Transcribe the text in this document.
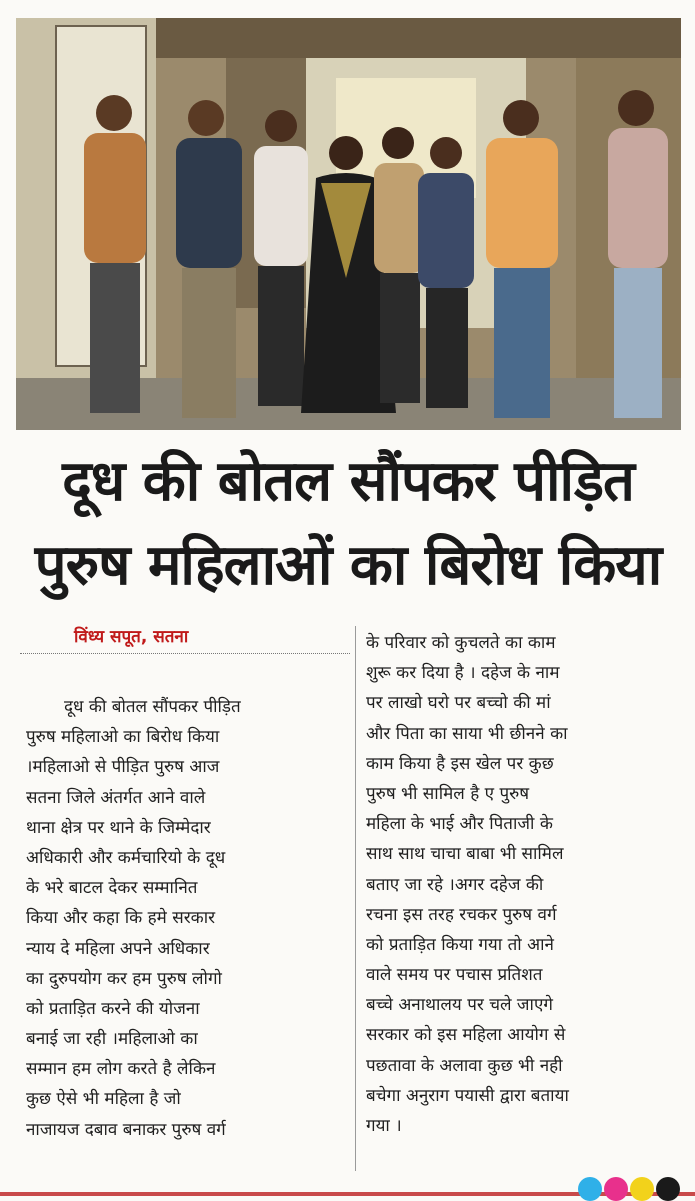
दूध की बोतल सौंपकर पीड़ित
पुरुष महिलाओं का बिरोध किया
विंध्य सपूत, सतना
दूध की बोतल सौंपकर पीड़ित
पुरुष महिलाओ का बिरोध किया
।महिलाओ से पीड़ित पुरुष आज
सतना जिले अंतर्गत आने वाले
थाना क्षेत्र पर थाने के जिम्मेदार
अधिकारी और कर्मचारियो के दूध
के भरे बाटल देकर सम्मानित
किया और कहा कि हमे सरकार
न्याय दे महिला अपने अधिकार
का दुरुपयोग कर हम पुरुष लोगो
को प्रताड़ित करने की योजना
बनाई जा रही ।महिलाओ का
सम्मान हम लोग करते है लेकिन
कुछ ऐसे भी महिला है जो
नाजायज दबाव बनाकर पुरुष वर्ग
के परिवार को कुचलते का काम
शुरू कर दिया है । दहेज के नाम
पर लाखो घरो पर बच्चो की मां
और पिता का साया भी छीनने का
काम किया है इस खेल पर कुछ
पुरुष भी सामिल है ए पुरुष
महिला के भाई और पिताजी के
साथ साथ चाचा बाबा भी सामिल
बताए जा रहे ।अगर दहेज की
रचना इस तरह रचकर पुरुष वर्ग
को प्रताड़ित किया गया तो आने
वाले समय पर पचास प्रतिशत
बच्चे अनाथालय पर चले जाएगे
सरकार को इस महिला आयोग से
पछतावा के अलावा कुछ भी नही
बचेगा अनुराग पयासी द्वारा बताया
गया ।
